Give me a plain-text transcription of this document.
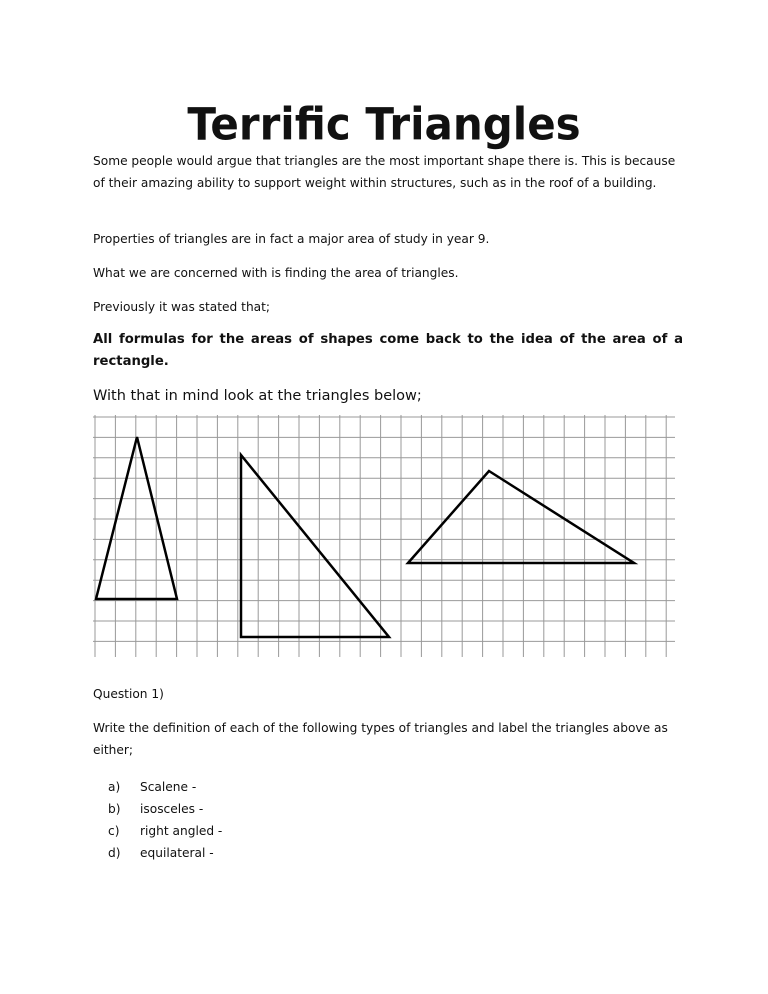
Terrific Triangles
Some people would argue that triangles are the most important shape there is. This is because of their amazing ability to support weight within structures, such as in the roof of a building.
Properties of triangles are in fact a major area of study in year 9.
What we are concerned with is finding the area of triangles.
Previously it was stated that;
All formulas for the areas of shapes come back to the idea of the area of a rectangle.
With that in mind look at the triangles below;
Question 1)
Write the definition of each of the following types of triangles and label the triangles above as either;
a) Scalene -
b) isosceles -
c) right angled -
d) equilateral -
